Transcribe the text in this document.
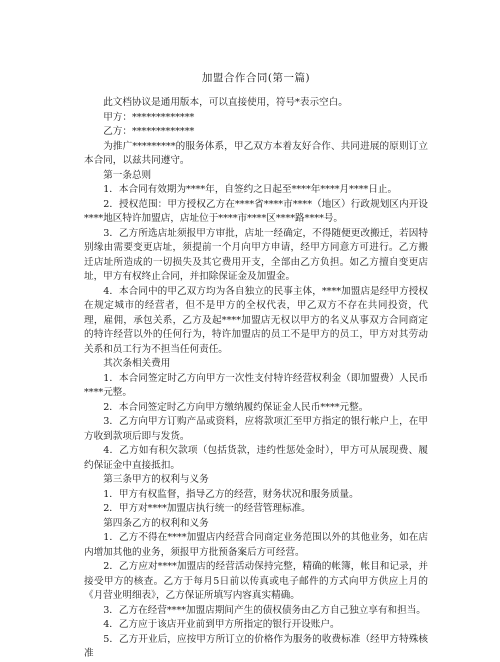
加盟合作合同(第一篇)

此文档协议是通用版本，可以直接使用，符号*表示空白。

甲方：*************

乙方：*************

为推广*********的服务体系，甲乙双方本着友好合作、共同进展的原则订立本合同，以兹共同遵守。

第一条总则

1．本合同有效期为****年，自签约之日起至****年****月****日止。

2．授权范围：甲方授权乙方在****省****市****（地区）行政规划区内开设****地区特许加盟店，店址位于****市****区****路****号。

3．乙方所选店址须报甲方审批，店址一经确定，不得随便更改搬迁，若因特别缘由需要变更店址，须提前一个月向甲方申请，经甲方同意方可进行。乙方搬迁店址所造成的一切损失及其它费用开支，全部由乙方负担。如乙方擅自变更店址，甲方有权终止合同，并扣除保证金及加盟金。

4．本合同中的甲乙双方均为各自独立的民事主体，****加盟店是经甲方授权在规定城市的经营者，但不是甲方的全权代表，甲乙双方不存在共同投资，代理，雇佣，承包关系，乙方及起****加盟店无权以甲方的名义从事双方合同商定的特许经营以外的任何行为，特许加盟店的员工不是甲方的员工，甲方对其劳动关系和员工行为不担当任何责任。

其次条相关费用

1．本合同签定时乙方向甲方一次性支付特许经营权利金（即加盟费）人民币****元整。

2．本合同签定时乙方向甲方缴纳履约保证金人民币****元整。

3．乙方向甲方订购产品或资料，应将款项汇至甲方指定的银行帐户上，在甲方收到款项后即与发货。

4．乙方如有积欠款项（包括货款，违约性惩处金时），甲方可从展现费、履约保证金中直接抵扣。

第三条甲方的权利与义务

1．甲方有权监督，指导乙方的经营，财务状况和服务质量。

2．甲方对****加盟店执行统一的经营管理标准。

第四条乙方的权利和义务

1．乙方不得在****加盟店内经营合同商定业务范围以外的其他业务，如在店内增加其他的业务，须报甲方批预备案后方可经营。

2．乙方应对****加盟店的经营活动保持完整，精确的帐簿，帐目和记录，并接受甲方的核查。乙方于每月5日前以传真或电子邮件的方式向甲方供应上月的《月营业明细表》，乙方保证所填写内容真实精确。

3．乙方在经营****加盟店期间产生的债权债务由乙方自己独立享有和担当。

4．乙方应于该店开业前到甲方所指定的银行开设账户。

5．乙方开业后，应按甲方所订立的价格作为服务的收费标准（经甲方特殊核准
